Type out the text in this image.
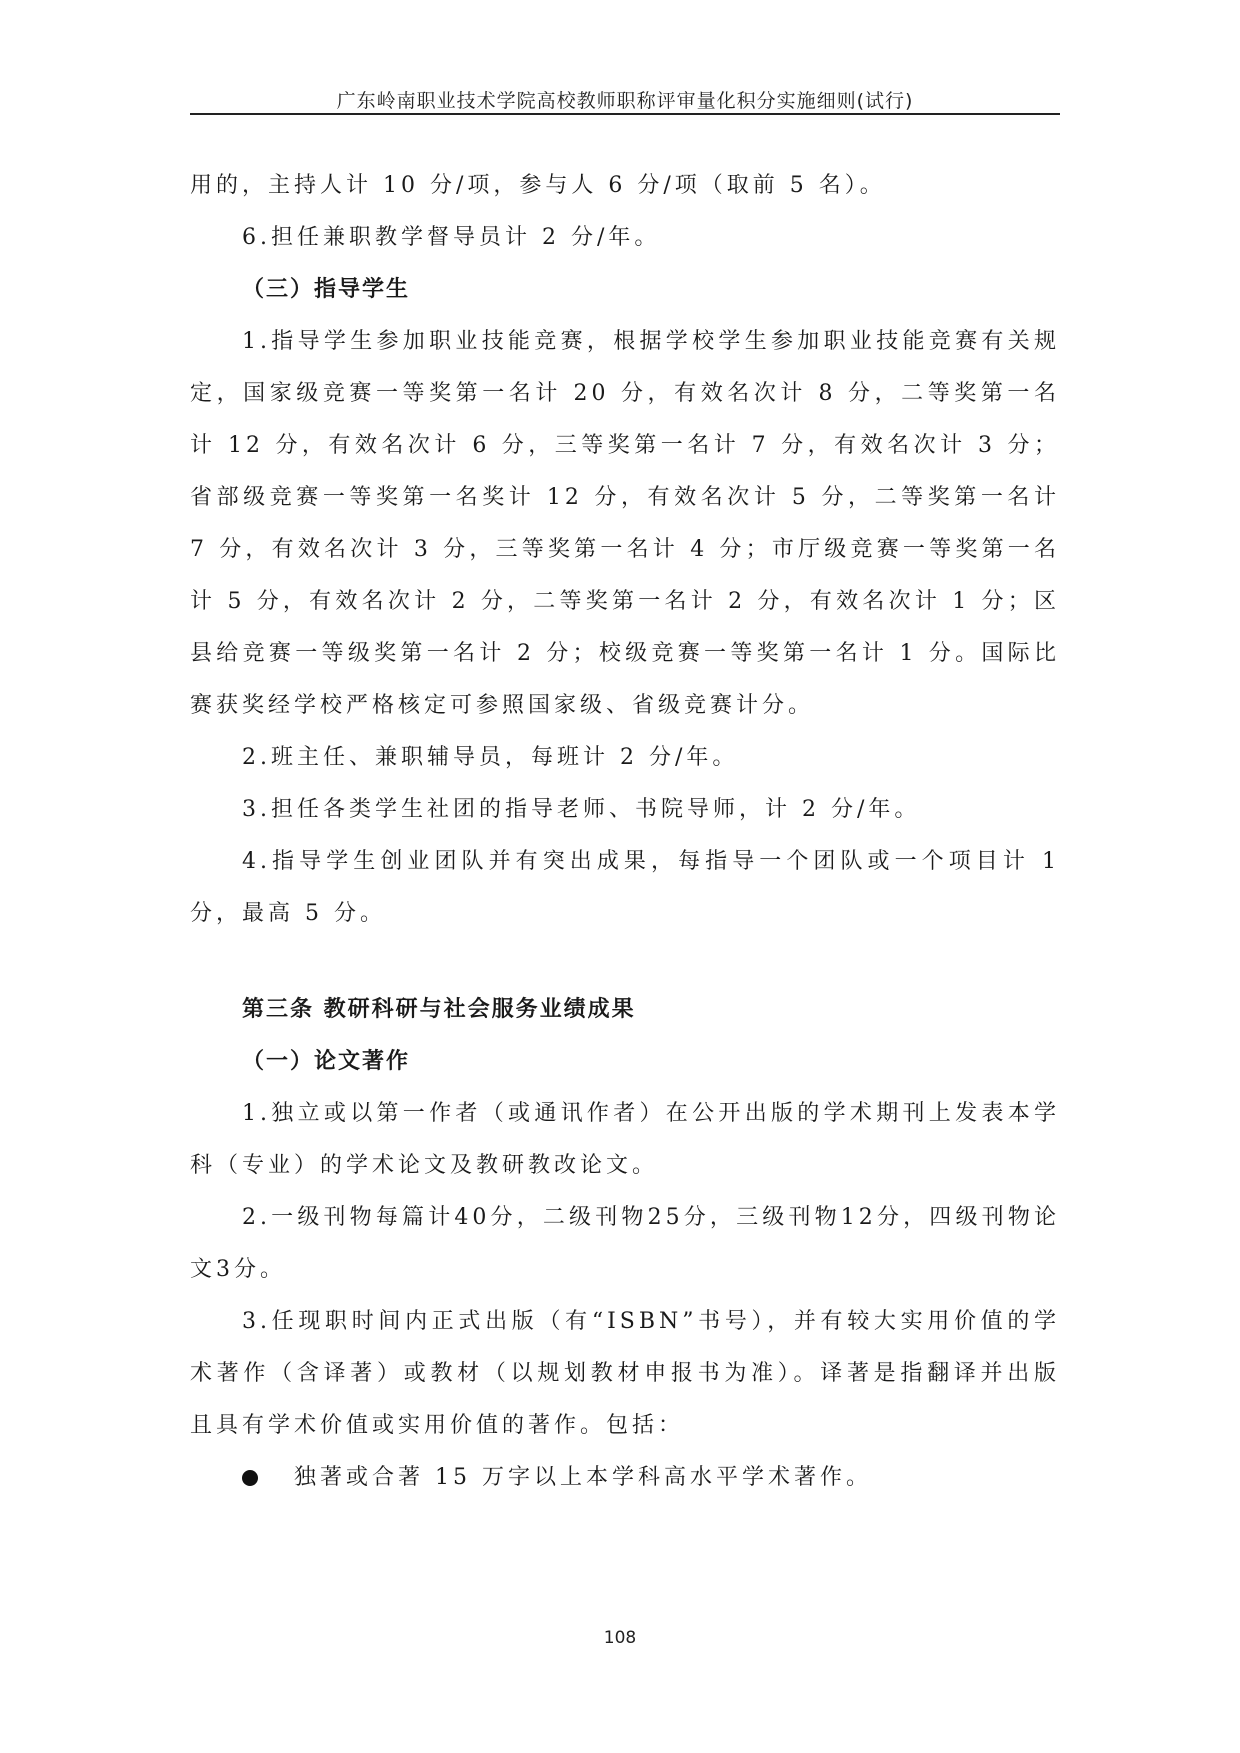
广东岭南职业技术学院高校教师职称评审量化积分实施细则(试行)

用的，主持人计 10 分/项，参与人 6 分/项（取前 5 名）。

6.担任兼职教学督导员计 2 分/年。

（三）指导学生

1.指导学生参加职业技能竞赛，根据学校学生参加职业技能竞赛有关规定，国家级竞赛一等奖第一名计 20 分，有效名次计 8 分，二等奖第一名计 12 分，有效名次计 6 分，三等奖第一名计 7 分，有效名次计 3 分；省部级竞赛一等奖第一名奖计 12 分，有效名次计 5 分，二等奖第一名计 7 分，有效名次计 3 分，三等奖第一名计 4 分；市厅级竞赛一等奖第一名计 5 分，有效名次计 2 分，二等奖第一名计 2 分，有效名次计 1 分；区县给竞赛一等级奖第一名计 2 分；校级竞赛一等奖第一名计 1 分。国际比赛获奖经学校严格核定可参照国家级、省级竞赛计分。

2.班主任、兼职辅导员，每班计 2 分/年。

3.担任各类学生社团的指导老师、书院导师，计 2 分/年。

4.指导学生创业团队并有突出成果，每指导一个团队或一个项目计 1 分，最高 5 分。

第三条 教研科研与社会服务业绩成果

（一）论文著作

1.独立或以第一作者（或通讯作者）在公开出版的学术期刊上发表本学科（专业）的学术论文及教研教改论文。

2.一级刊物每篇计40分，二级刊物25分，三级刊物12分，四级刊物论文3分。

3.任现职时间内正式出版（有“ISBN”书号），并有较大实用价值的学术著作（含译著）或教材（以规划教材申报书为准）。译著是指翻译并出版且具有学术价值或实用价值的著作。包括：

独著或合著 15 万字以上本学科高水平学术著作。
108
